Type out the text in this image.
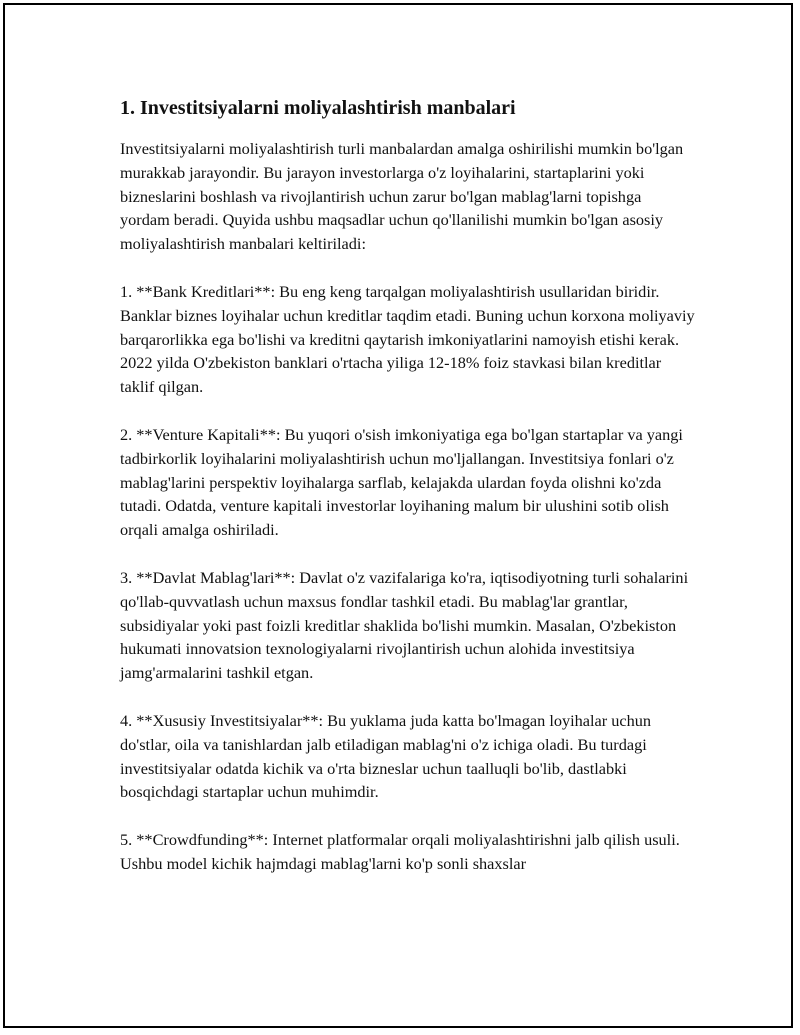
1. Investitsiyalarni moliyalashtirish manbalari

Investitsiyalarni moliyalashtirish turli manbalardan amalga oshirilishi mumkin bo'lgan murakkab jarayondir. Bu jarayon investorlarga o'z loyihalarini, startaplarini yoki bizneslarini boshlash va rivojlantirish uchun zarur bo'lgan mablag'larni topishga yordam beradi. Quyida ushbu maqsadlar uchun qo'llanilishi mumkin bo'lgan asosiy moliyalashtirish manbalari keltiriladi:

1. **Bank Kreditlari**: Bu eng keng tarqalgan moliyalashtirish usullaridan biridir. Banklar biznes loyihalar uchun kreditlar taqdim etadi. Buning uchun korxona moliyaviy barqarorlikka ega bo'lishi va kreditni qaytarish imkoniyatlarini namoyish etishi kerak. 2022 yilda O'zbekiston banklari o'rtacha yiliga 12-18% foiz stavkasi bilan kreditlar taklif qilgan.

2. **Venture Kapitali**: Bu yuqori o'sish imkoniyatiga ega bo'lgan startaplar va yangi tadbirkorlik loyihalarini moliyalashtirish uchun mo'ljallangan. Investitsiya fonlari o'z mablag'larini perspektiv loyihalarga sarflab, kelajakda ulardan foyda olishni ko'zda tutadi. Odatda, venture kapitali investorlar loyihaning malum bir ulushini sotib olish orqali amalga oshiriladi.

3. **Davlat Mablag'lari**: Davlat o'z vazifalariga ko'ra, iqtisodiyotning turli sohalarini qo'llab-quvvatlash uchun maxsus fondlar tashkil etadi. Bu mablag'lar grantlar, subsidiyalar yoki past foizli kreditlar shaklida bo'lishi mumkin. Masalan, O'zbekiston hukumati innovatsion texnologiyalarni rivojlantirish uchun alohida investitsiya jamg'armalarini tashkil etgan.

4. **Xususiy Investitsiyalar**: Bu yuklama juda katta bo'lmagan loyihalar uchun do'stlar, oila va tanishlardan jalb etiladigan mablag'ni o'z ichiga oladi. Bu turdagi investitsiyalar odatda kichik va o'rta bizneslar uchun taalluqli bo'lib, dastlabki bosqichdagi startaplar uchun muhimdir.

5. **Crowdfunding**: Internet platformalar orqali moliyalashtirishni jalb qilish usuli. Ushbu model kichik hajmdagi mablag'larni ko'p sonli shaxslar
